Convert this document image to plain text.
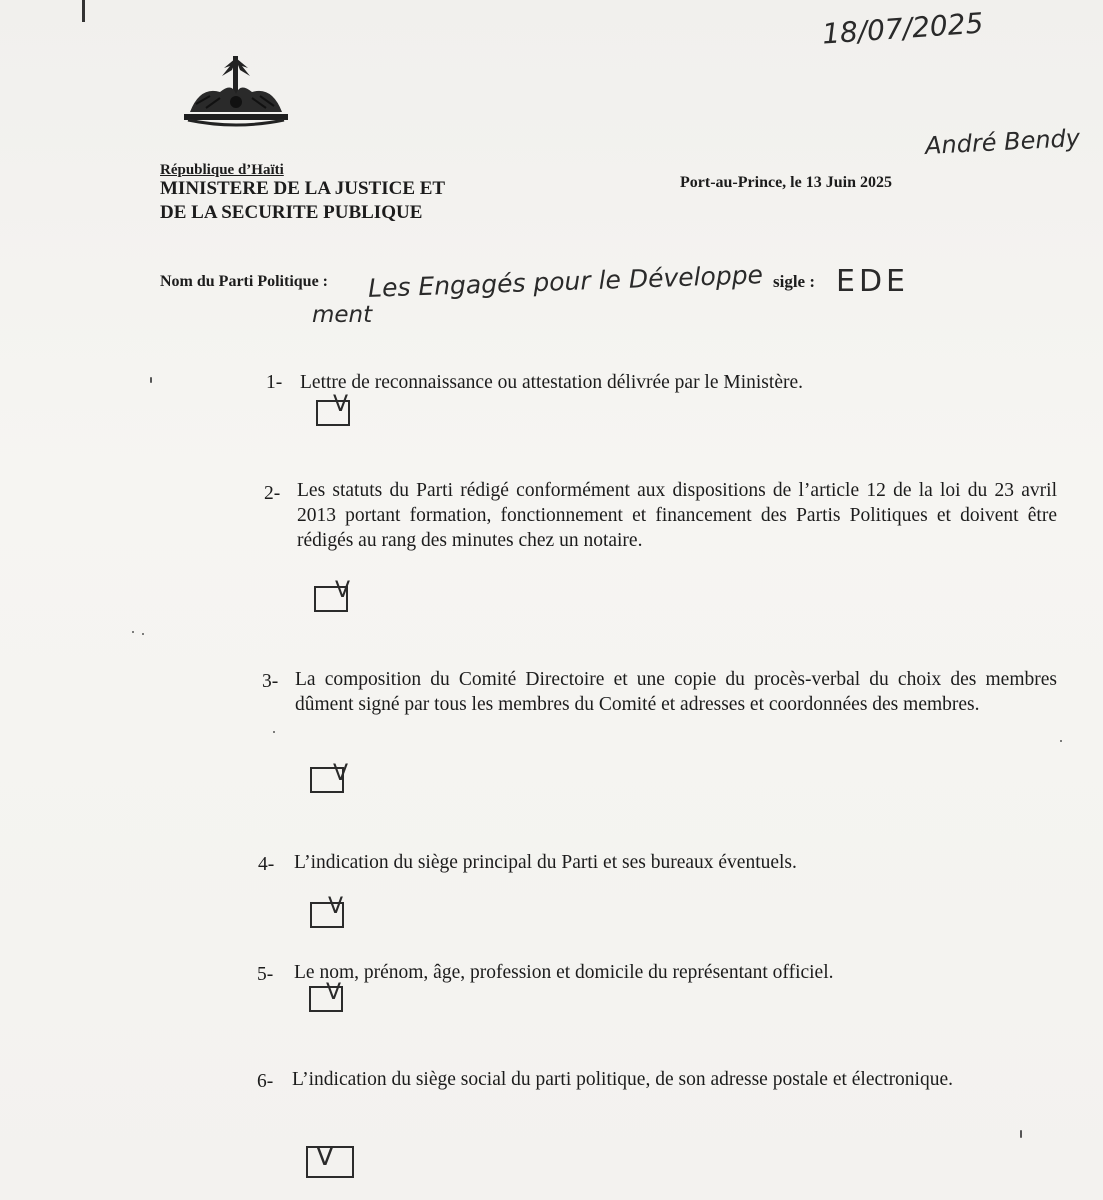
18/07/2025
André Bendy
République d’Haïti
MINISTERE DE LA JUSTICE ET
DE LA SECURITE PUBLIQUE
Port-au-Prince, le 13 Juin 2025
Nom du Parti Politique : Les Engagés pour le Développe sigle : EDE
ment
1- Lettre de reconnaissance ou attestation délivrée par le Ministère.
V
2- Les statuts du Parti rédigé conformément aux dispositions de l’article 12 de la loi du 23 avril 2013 portant formation, fonctionnement et financement des Partis Politiques et doivent être rédigés au rang des minutes chez un notaire.
V
3- La composition du Comité Directoire et une copie du procès-verbal du choix des membres dûment signé par tous les membres du Comité et adresses et coordonnées des membres.
V
4- L’indication du siège principal du Parti et ses bureaux éventuels.
V
5- Le nom, prénom, âge, profession et domicile du représentant officiel.
V
6- L’indication du siège social du parti politique, de son adresse postale et électronique.
V
